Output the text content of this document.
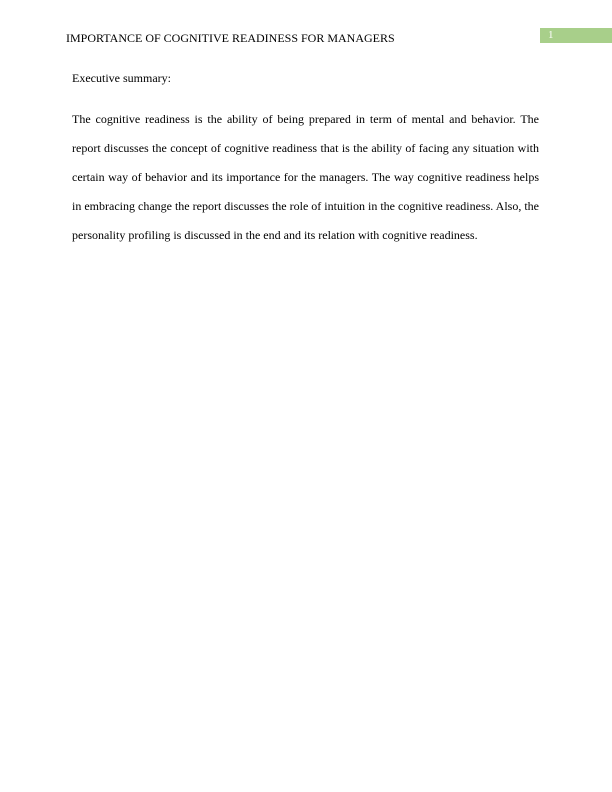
IMPORTANCE OF COGNITIVE READINESS FOR MANAGERS	1
Executive summary:

The cognitive readiness is the ability of being prepared in term of mental and behavior. The report discusses the concept of cognitive readiness that is the ability of facing any situation with certain way of behavior and its importance for the managers. The way cognitive readiness helps in embracing change the report discusses the role of intuition in the cognitive readiness. Also, the personality profiling is discussed in the end and its relation with cognitive readiness.
